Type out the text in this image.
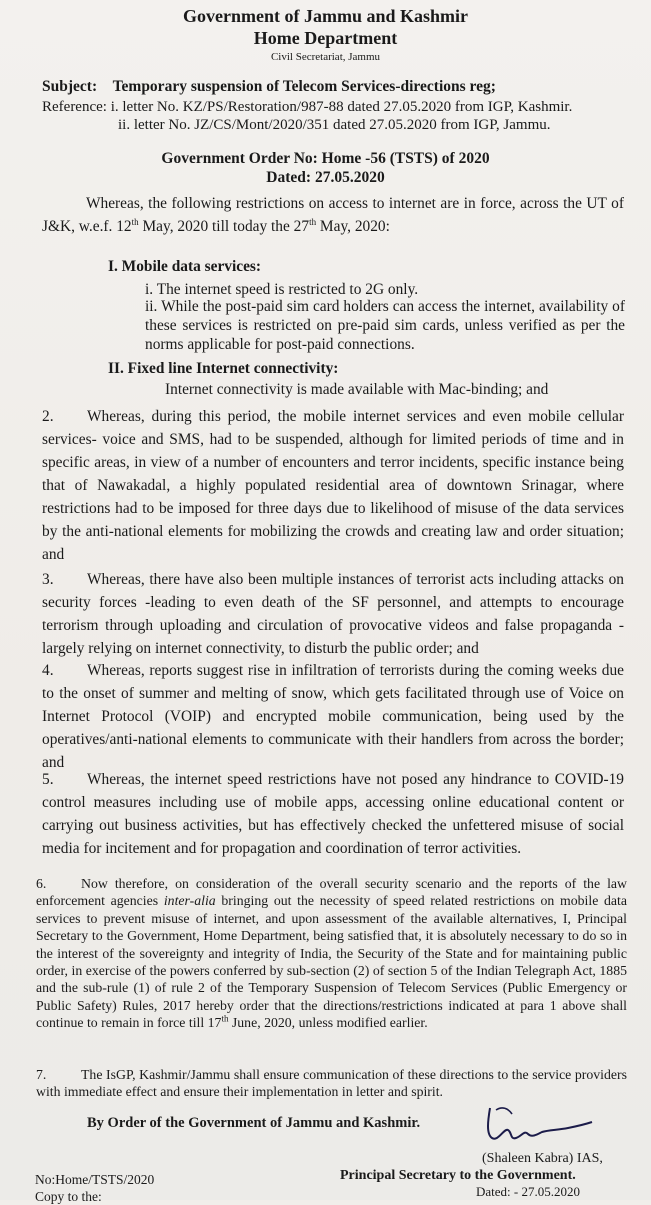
Government of Jammu and Kashmir
Home Department
Civil Secretariat, Jammu
Subject: Temporary suspension of Telecom Services-directions reg;
Reference: i. letter No. KZ/PS/Restoration/987-88 dated 27.05.2020 from IGP, Kashmir.
ii. letter No. JZ/CS/Mont/2020/351 dated 27.05.2020 from IGP, Jammu.
Government Order No: Home -56 (TSTS) of 2020
Dated: 27.05.2020
Whereas, the following restrictions on access to internet are in force, across the UT of J&K, w.e.f. 12th May, 2020 till today the 27th May, 2020:
I. Mobile data services:
i. The internet speed is restricted to 2G only.
ii. While the post-paid sim card holders can access the internet, availability of these services is restricted on pre-paid sim cards, unless verified as per the norms applicable for post-paid connections.
II. Fixed line Internet connectivity:
Internet connectivity is made available with Mac-binding; and
2. Whereas, during this period, the mobile internet services and even mobile cellular services- voice and SMS, had to be suspended, although for limited periods of time and in specific areas, in view of a number of encounters and terror incidents, specific instance being that of Nawakadal, a highly populated residential area of downtown Srinagar, where restrictions had to be imposed for three days due to likelihood of misuse of the data services by the anti-national elements for mobilizing the crowds and creating law and order situation; and
3. Whereas, there have also been multiple instances of terrorist acts including attacks on security forces -leading to even death of the SF personnel, and attempts to encourage terrorism through uploading and circulation of provocative videos and false propaganda - largely relying on internet connectivity, to disturb the public order; and
4. Whereas, reports suggest rise in infiltration of terrorists during the coming weeks due to the onset of summer and melting of snow, which gets facilitated through use of Voice on Internet Protocol (VOIP) and encrypted mobile communication, being used by the operatives/anti-national elements to communicate with their handlers from across the border; and
5. Whereas, the internet speed restrictions have not posed any hindrance to COVID-19 control measures including use of mobile apps, accessing online educational content or carrying out business activities, but has effectively checked the unfettered misuse of social media for incitement and for propagation and coordination of terror activities.
6.	Now therefore, on consideration of the overall security scenario and the reports of the law enforcement agencies inter-alia bringing out the necessity of speed related restrictions on mobile data services to prevent misuse of internet, and upon assessment of the available alternatives, I, Principal Secretary to the Government, Home Department, being satisfied that, it is absolutely necessary to do so in the interest of the sovereignty and integrity of India, the Security of the State and for maintaining public order, in exercise of the powers conferred by sub-section (2) of section 5 of the Indian Telegraph Act, 1885 and the sub-rule (1) of rule 2 of the Temporary Suspension of Telecom Services (Public Emergency or Public Safety) Rules, 2017 hereby order that the directions/restrictions indicated at para 1 above shall continue to remain in force till 17th June, 2020, unless modified earlier.
7.	The IsGP, Kashmir/Jammu shall ensure communication of these directions to the service providers with immediate effect and ensure their implementation in letter and spirit.
By Order of the Government of Jammu and Kashmir.
(Shaleen Kabra) IAS,
Principal Secretary to the Government.
No:Home/TSTS/2020
Dated: - 27.05.2020
Copy to the:
